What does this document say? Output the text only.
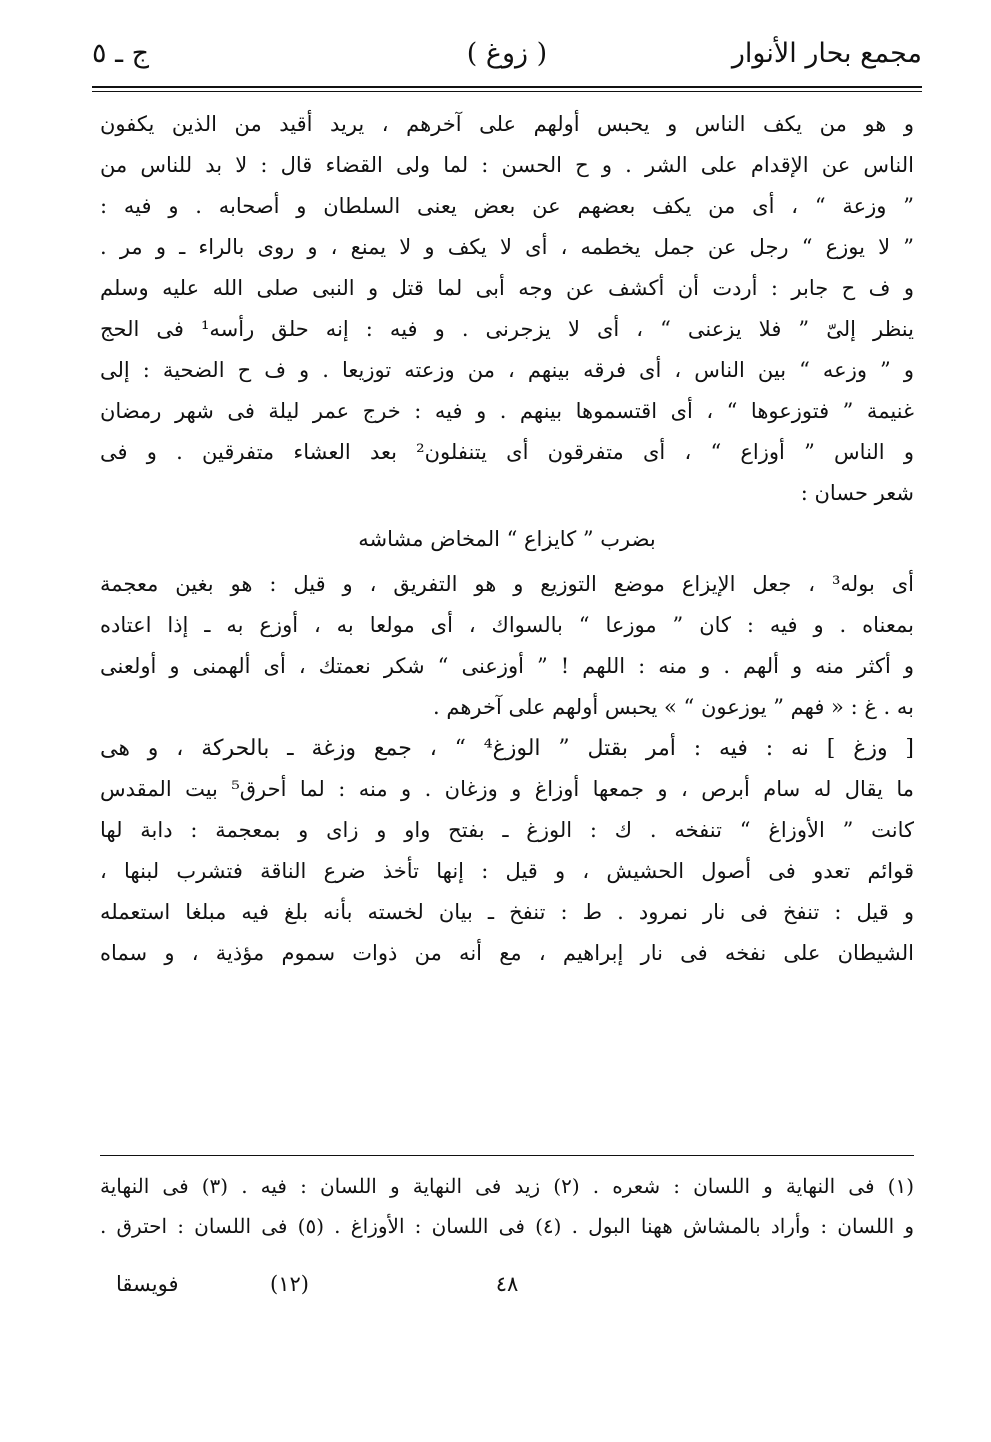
مجمع بحار الأنوار
( زوغ )
ج ـ ٥
و هو من يكف الناس و يحبس أولهم على آخرهم ، يريد أقيد من الذين يكفون
الناس عن الإقدام على الشر . و ح الحسن : لما ولى القضاء قال : لا بد للناس من
” وزعة “ ، أى من يكف بعضهم عن بعض يعنى السلطان و أصحابه . و فيه :
” لا يوزع “ رجل عن جمل يخطمه ، أى لا يكف و لا يمنع ، و روى بالراء ـ و مر .
و ف ح جابر : أردت أن أكشف عن وجه أبى لما قتل و النبى صلى الله عليه وسلم
ينظر إلىّ ” فلا يزعنى “ ، أى لا يزجرنى . و فيه : إنه حلق رأسه¹ فى الحج
و ” وزعه “ بين الناس ، أى فرقه بينهم ، من وزعته توزيعا . و ف ح الضحية : إلى
غنيمة ” فتوزعوها “ ، أى اقتسموها بينهم . و فيه : خرج عمر ليلة فى شهر رمضان
و الناس ” أوزاع “ ، أى متفرقون أى يتنفلون² بعد العشاء متفرقين . و فى
شعر حسان :
بضرب ” كايزاع “ المخاض مشاشه
أى بوله³ ، جعل الإيزاع موضع التوزيع و هو التفريق ، و قيل : هو بغين معجمة
بمعناه . و فيه : كان ” موزعا “ بالسواك ، أى مولعا به ، أوزع به ـ إذا اعتاده
و أكثر منه و ألهم . و منه : اللهم ! ” أوزعنى “ شكر نعمتك ، أى ألهمنى و أولعنى
به . غ : « فهم ” يوزعون “ » يحبس أولهم على آخرهم .
[ وزغ ] نه : فيه : أمر بقتل ” الوزغ⁴ “ ، جمع وزغة ـ بالحركة ، و هى
ما يقال له سام أبرص ، و جمعها أوزاغ و وزغان . و منه : لما أحرق⁵ بيت المقدس
كانت ” الأوزاغ “ تنفخه . ك : الوزغ ـ بفتح واو و زاى و بمعجمة : دابة لها
قوائم تعدو فى أصول الحشيش ، و قيل : إنها تأخذ ضرع الناقة فتشرب لبنها ،
و قيل : تنفخ فى نار نمرود . ط : تنفخ ـ بيان لخسته بأنه بلغ فيه مبلغا استعمله
الشيطان على نفخه فى نار إبراهيم ، مع أنه من ذوات سموم مؤذية ، و سماه
(١) فى النهاية و اللسان : شعره . (٢) زيد فى النهاية و اللسان : فيه . (٣) فى النهاية
و اللسان : وأراد بالمشاش ههنا البول . (٤) فى اللسان : الأوزاغ . (٥) فى اللسان : احترق .
٤٨
(١٢)
فويسقا
